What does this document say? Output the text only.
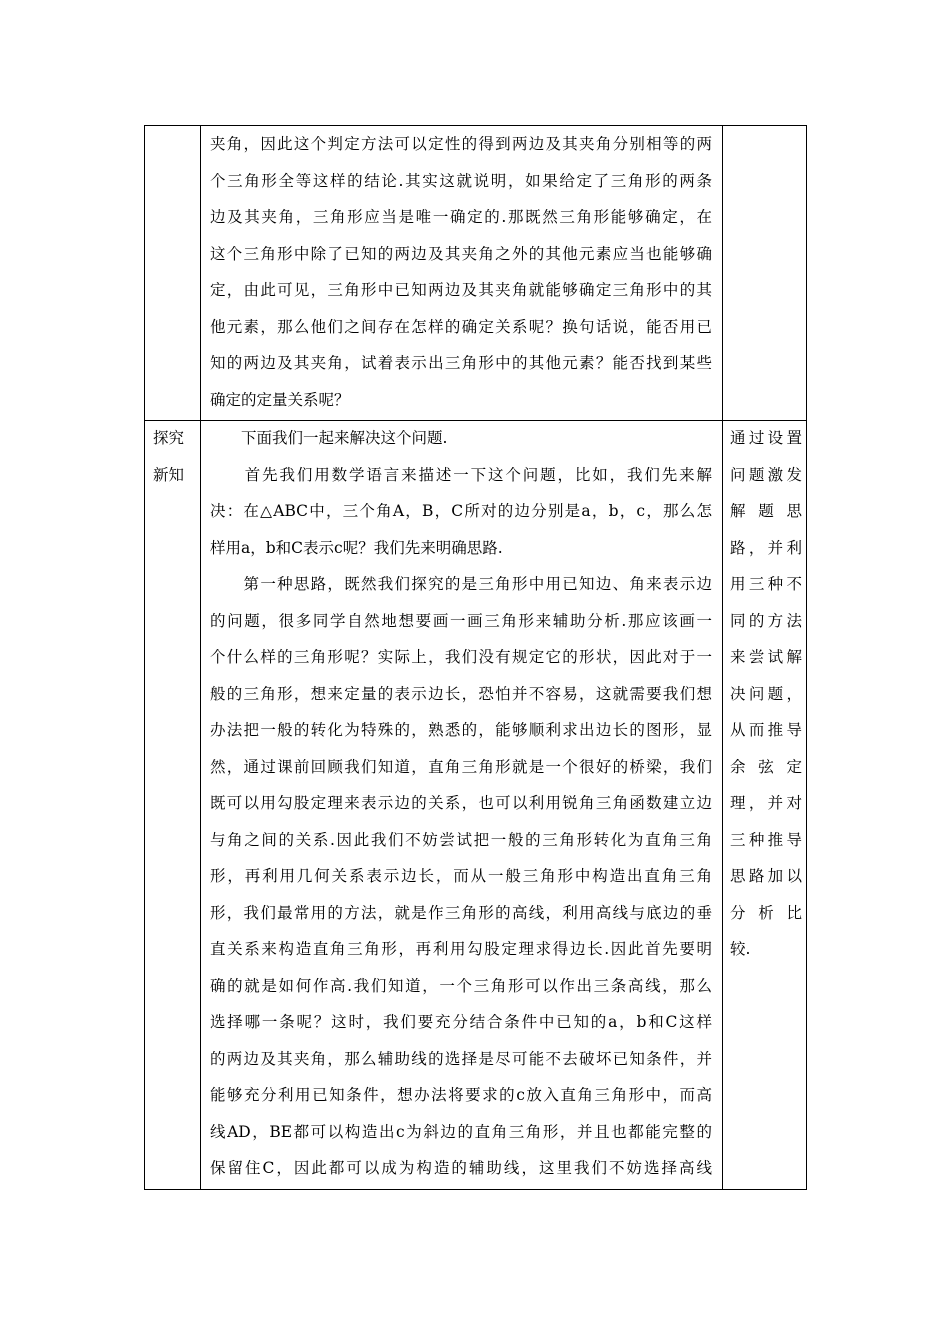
夹角，因此这个判定方法可以定性的得到两边及其夹角分别相等的两
个三角形全等这样的结论.其实这就说明，如果给定了三角形的两条
边及其夹角，三角形应当是唯一确定的.那既然三角形能够确定，在
这个三角形中除了已知的两边及其夹角之外的其他元素应当也能够确
定，由此可见，三角形中已知两边及其夹角就能够确定三角形中的其
他元素，那么他们之间存在怎样的确定关系呢？换句话说，能否用已
知的两边及其夹角，试着表示出三角形中的其他元素？能否找到某些
确定的定量关系呢？
探究
新知
　　下面我们一起来解决这个问题.
　　首先我们用数学语言来描述一下这个问题，比如，我们先来解
决：在△ABC中，三个角A，B，C所对的边分别是a，b，c，那么怎
样用a，b和C表示c呢？我们先来明确思路.
　　第一种思路，既然我们探究的是三角形中用已知边、角来表示边
的问题，很多同学自然地想要画一画三角形来辅助分析.那应该画一
个什么样的三角形呢？实际上，我们没有规定它的形状，因此对于一
般的三角形，想来定量的表示边长，恐怕并不容易，这就需要我们想
办法把一般的转化为特殊的，熟悉的，能够顺利求出边长的图形，显
然，通过课前回顾我们知道，直角三角形就是一个很好的桥梁，我们
既可以用勾股定理来表示边的关系，也可以利用锐角三角函数建立边
与角之间的关系.因此我们不妨尝试把一般的三角形转化为直角三角
形，再利用几何关系表示边长，而从一般三角形中构造出直角三角
形，我们最常用的方法，就是作三角形的高线，利用高线与底边的垂
直关系来构造直角三角形，再利用勾股定理求得边长.因此首先要明
确的就是如何作高.我们知道，一个三角形可以作出三条高线，那么
选择哪一条呢？这时，我们要充分结合条件中已知的a，b和C这样
的两边及其夹角，那么辅助线的选择是尽可能不去破坏已知条件，并
能够充分利用已知条件，想办法将要求的c放入直角三角形中，而高
线AD，BE都可以构造出c为斜边的直角三角形，并且也都能完整的
保留住C，因此都可以成为构造的辅助线，这里我们不妨选择高线
通过设置
问题激发
解 题 思
路，并利
用三种不
同的方法
来尝试解
决问题，
从而推导
余 弦 定
理，并对
三种推导
思路加以
分 析 比
较.
